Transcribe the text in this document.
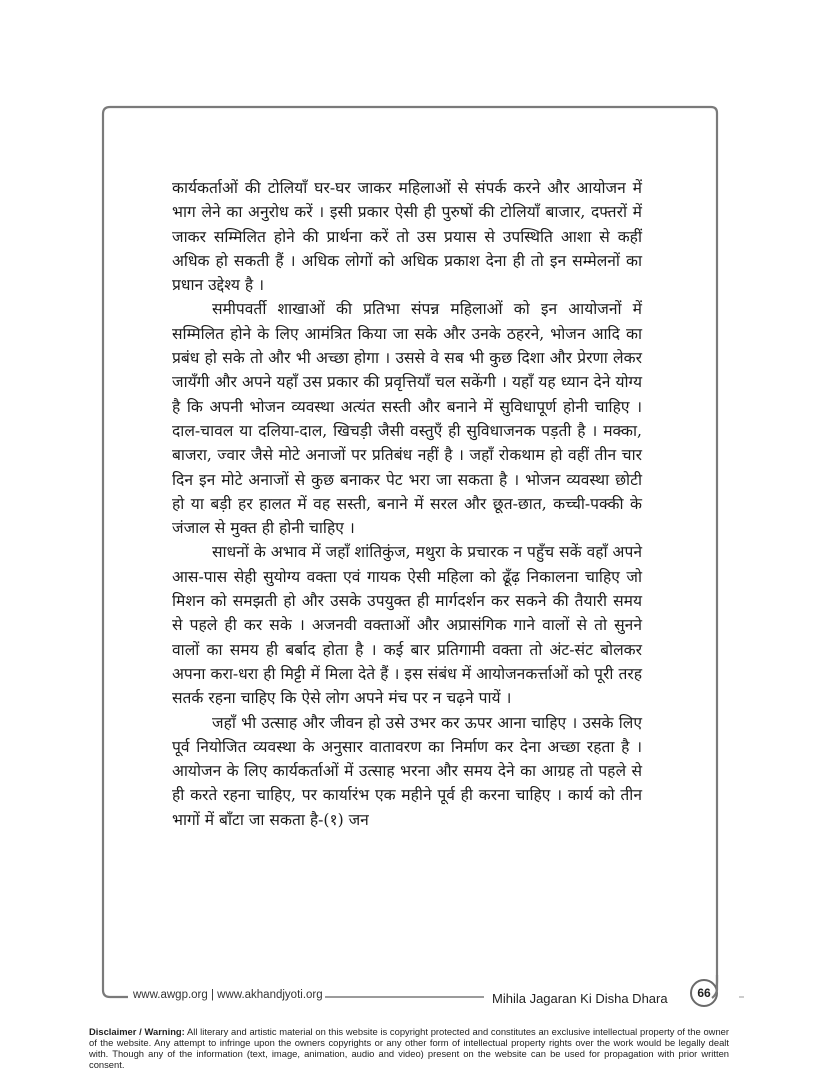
कार्यकर्ताओं की टोलियाँ घर-घर जाकर महिलाओं से संपर्क करने और आयोजन में भाग लेने का अनुरोध करें । इसी प्रकार ऐसी ही पुरुषों की टोलियाँ बाजार, दफ्तरों में जाकर सम्मिलित होने की प्रार्थना करें तो उस प्रयास से उपस्थिति आशा से कहीं अधिक हो सकती हैं । अधिक लोगों को अधिक प्रकाश देना ही तो इन सम्मेलनों का प्रधान उद्देश्य है ।

समीपवर्ती शाखाओं की प्रतिभा संपन्न महिलाओं को इन आयोजनों में सम्मिलित होने के लिए आमंत्रित किया जा सके और उनके ठहरने, भोजन आदि का प्रबंध हो सके तो और भी अच्छा होगा । उससे वे सब भी कुछ दिशा और प्रेरणा लेकर जायँगी और अपने यहाँ उस प्रकार की प्रवृत्तियाँ चल सकेंगी । यहाँ यह ध्यान देने योग्य है कि अपनी भोजन व्यवस्था अत्यंत सस्ती और बनाने में सुविधापूर्ण होनी चाहिए । दाल-चावल या दलिया-दाल, खिचड़ी जैसी वस्तुएँ ही सुविधाजनक पड़ती है । मक्का, बाजरा, ज्वार जैसे मोटे अनाजों पर प्रतिबंध नहीं है । जहाँ रोकथाम हो वहीं तीन चार दिन इन मोटे अनाजों से कुछ बनाकर पेट भरा जा सकता है । भोजन व्यवस्था छोटी हो या बड़ी हर हालत में वह सस्ती, बनाने में सरल और छूत-छात, कच्ची-पक्की के जंजाल से मुक्त ही होनी चाहिए ।

साधनों के अभाव में जहाँ शांतिकुंज, मथुरा के प्रचारक न पहुँच सकें वहाँ अपने आस-पास सेही सुयोग्य वक्ता एवं गायक ऐसी महिला को ढूँढ़ निकालना चाहिए जो मिशन को समझती हो और उसके उपयुक्त ही मार्गदर्शन कर सकने की तैयारी समय से पहले ही कर सके । अजनवी वक्ताओं और अप्रासंगिक गाने वालों से तो सुनने वालों का समय ही बर्बाद होता है । कई बार प्रतिगामी वक्ता तो अंट-संट बोलकर अपना करा-धरा ही मिट्टी में मिला देते हैं । इस संबंध में आयोजनकर्त्ताओं को पूरी तरह सतर्क रहना चाहिए कि ऐसे लोग अपने मंच पर न चढ़ने पायें ।

जहाँ भी उत्साह और जीवन हो उसे उभर कर ऊपर आना चाहिए । उसके लिए पूर्व नियोजित व्यवस्था के अनुसार वातावरण का निर्माण कर देना अच्छा रहता है । आयोजन के लिए कार्यकर्ताओं में उत्साह भरना और समय देने का आग्रह तो पहले से ही करते रहना चाहिए, पर कार्यारंभ एक महीने पूर्व ही करना चाहिए । कार्य को तीन भागों में बाँटा जा सकता है-(१) जन

www.awgp.org | www.akhandjyoti.org	Mihila Jagaran Ki Disha Dhara	66
Disclaimer / Warning: All literary and artistic material on this website is copyright protected and constitutes an exclusive intellectual property of the owner of the website. Any attempt to infringe upon the owners copyrights or any other form of intellectual property rights over the work would be legally dealt with. Though any of the information (text, image, animation, audio and video) present on the website can be used for propagation with prior written consent.
